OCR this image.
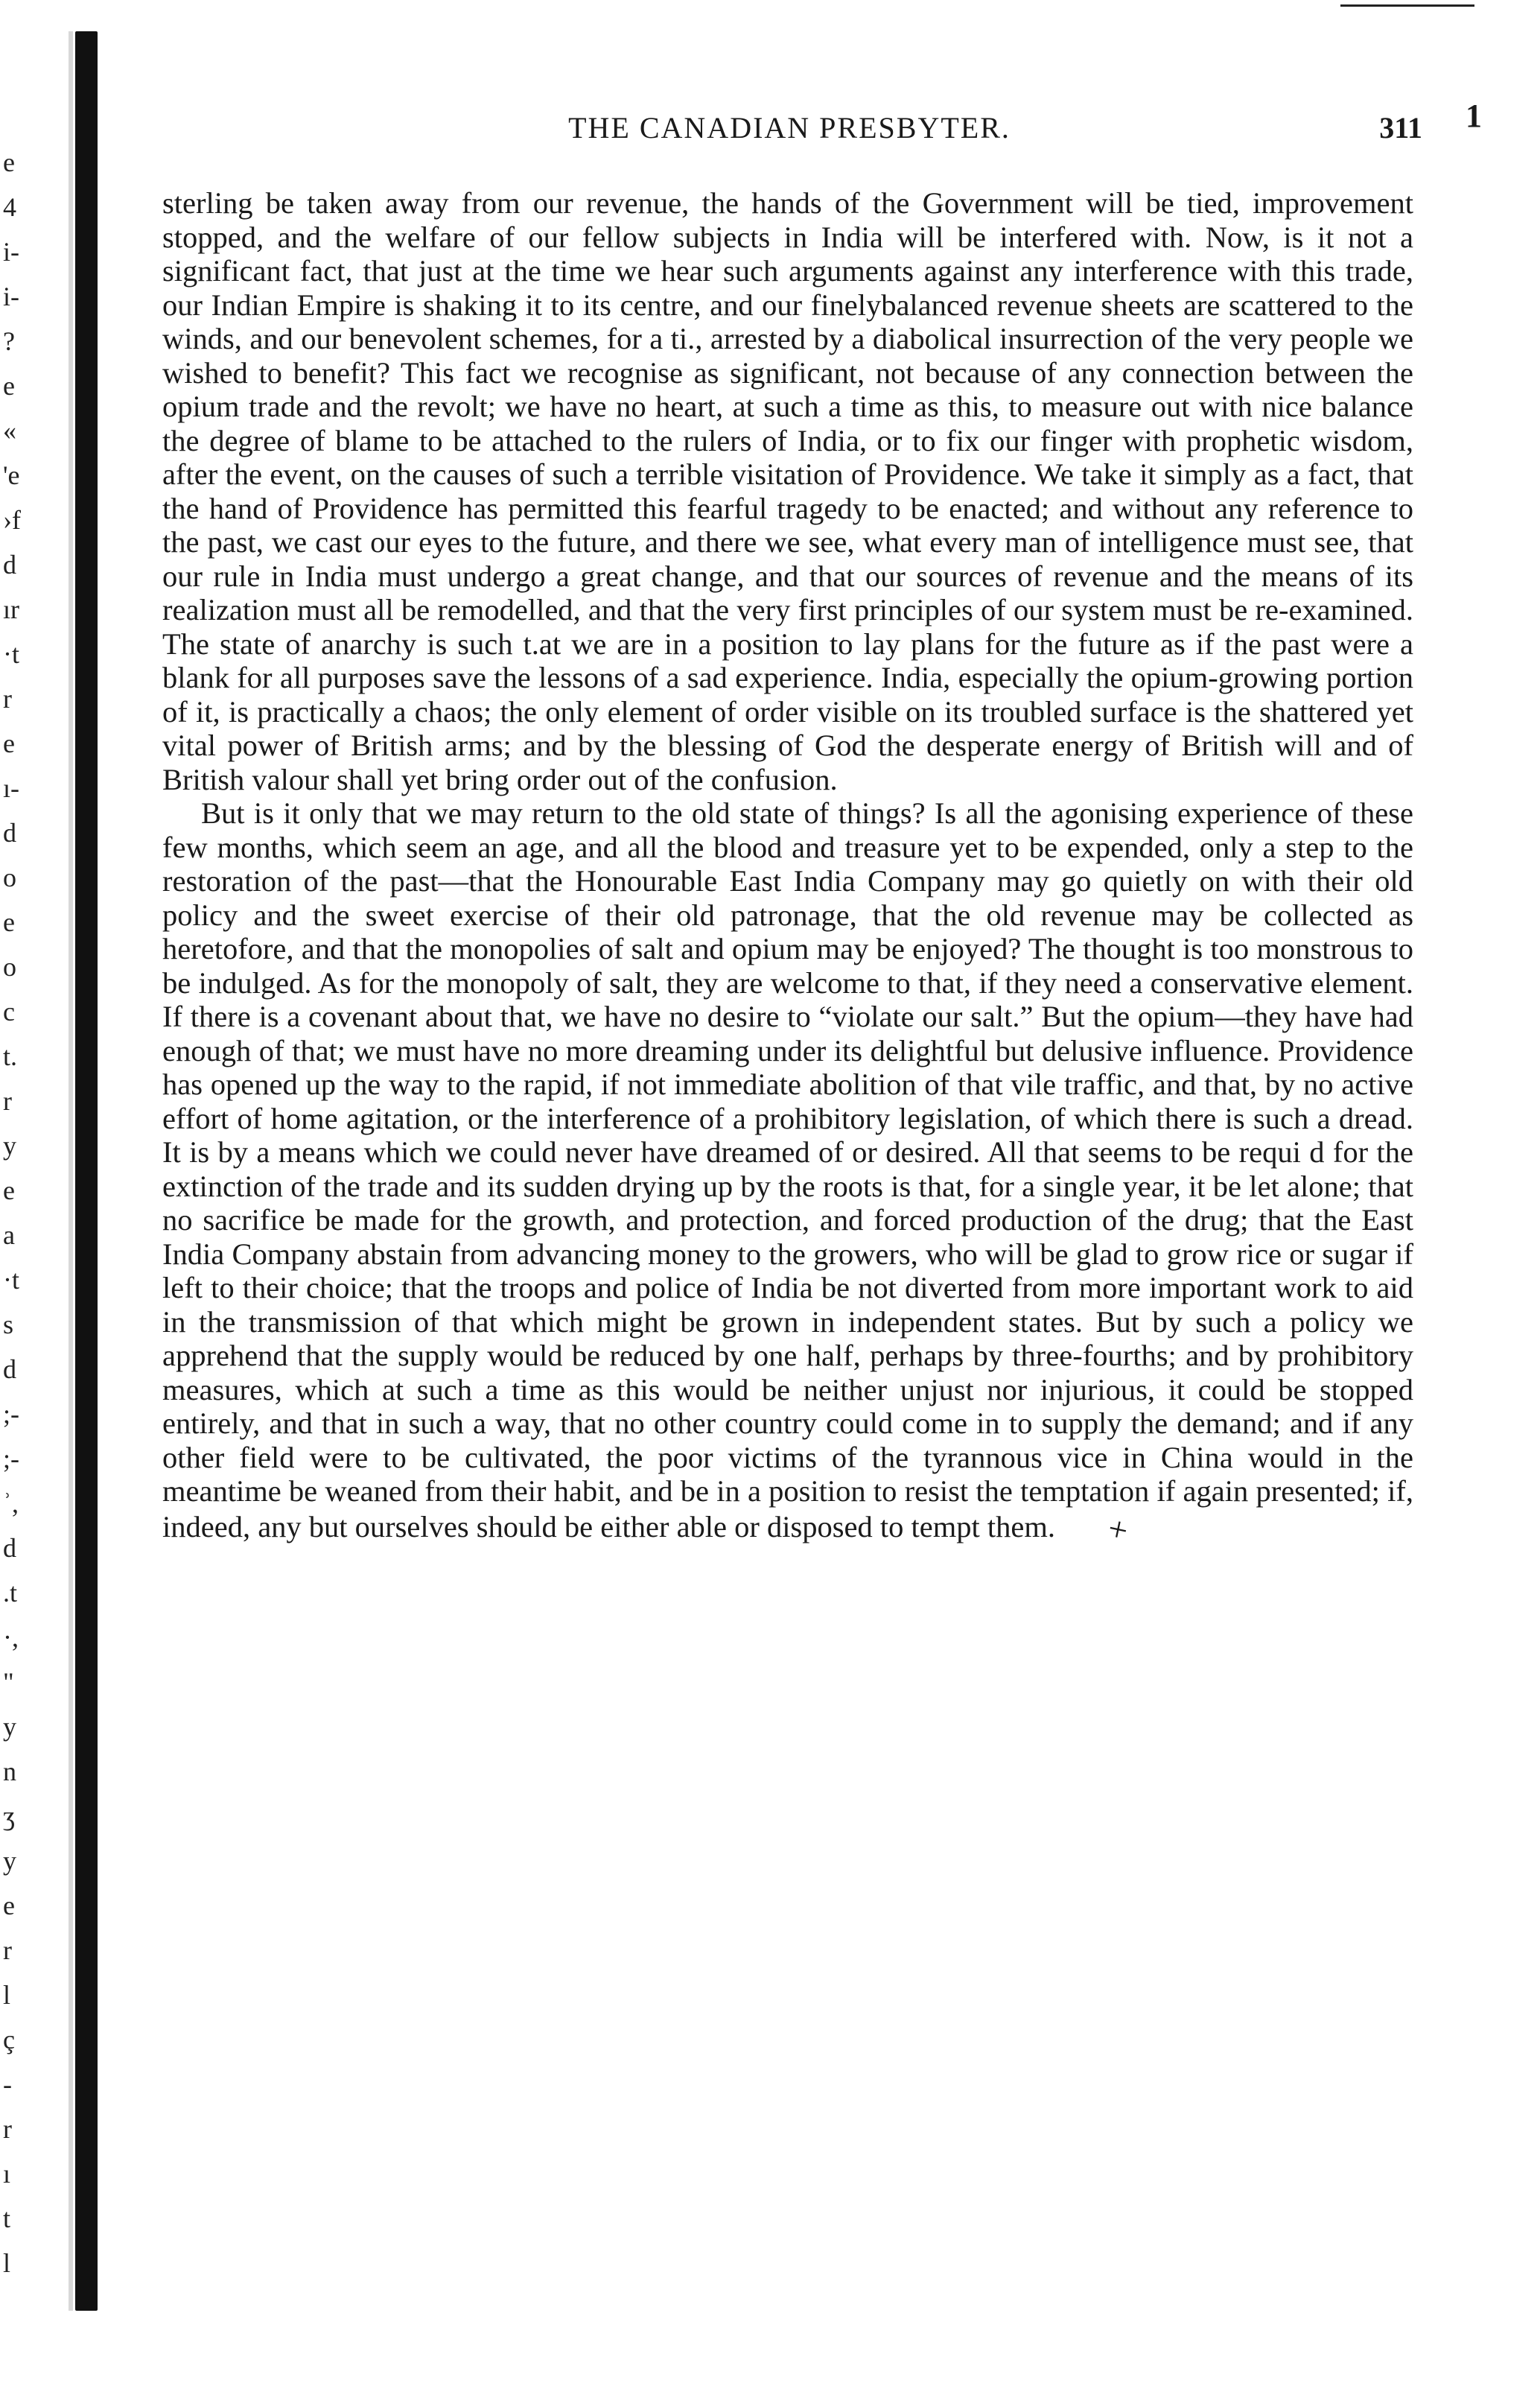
e
4
i-
i-
?
e
«
'e
›f
d
ır
·t
r
e
ı-
d
o
e
o
c
t.
r
y
e
a
·t
s
d
;-
;-
ʾ,
d
.t
·,
"
y
n
ʒ
y
e
r
l
ç
-
r
ı
t
l
THE CANADIAN PRESBYTER.	311 1

sterling be taken away from our revenue, the hands of the Government will be tied, improvement stopped, and the welfare of our fellow subjects in India will be interfered with. Now, is it not a significant fact, that just at the time we hear such arguments against any interference with this trade, our Indian Empire is shaking it to its centre, and our finelybalanced revenue sheets are scattered to the winds, and our benevolent schemes, for a ti., arrested by a diabolical insurrection of the very people we wished to benefit? This fact we recognise as significant, not because of any connection between the opium trade and the revolt; we have no heart, at such a time as this, to measure out with nice balance the degree of blame to be attached to the rulers of India, or to fix our finger with prophetic wisdom, after the event, on the causes of such a terrible visitation of Providence. We take it simply as a fact, that the hand of Providence has permitted this fearful tragedy to be enacted; and without any reference to the past, we cast our eyes to the future, and there we see, what every man of intelligence must see, that our rule in India must undergo a great change, and that our sources of revenue and the means of its realization must all be remodelled, and that the very first principles of our system must be re-examined. The state of anarchy is such t.at we are in a position to lay plans for the future as if the past were a blank for all purposes save the lessons of a sad experience. India, especially the opium-growing portion of it, is practically a chaos; the only element of order visible on its troubled surface is the shattered yet vital power of British arms; and by the blessing of God the desperate energy of British will and of British valour shall yet bring order out of the confusion.

But is it only that we may return to the old state of things? Is all the agonising experience of these few months, which seem an age, and all the blood and treasure yet to be expended, only a step to the restoration of the past—that the Honourable East India Company may go quietly on with their old policy and the sweet exercise of their old patronage, that the old revenue may be collected as heretofore, and that the monopolies of salt and opium may be enjoyed? The thought is too monstrous to be indulged. As for the monopoly of salt, they are welcome to that, if they need a conservative element. If there is a covenant about that, we have no desire to “violate our salt.” But the opium—they have had enough of that; we must have no more dreaming under its delightful but delusive influence. Providence has opened up the way to the rapid, if not immediate abolition of that vile traffic, and that, by no active effort of home agitation, or the interference of a prohibitory legislation, of which there is such a dread. It is by a means which we could never have dreamed of or desired. All that seems to be requi d for the extinction of the trade and its sudden drying up by the roots is that, for a single year, it be let alone; that no sacrifice be made for the growth, and protection, and forced production of the drug; that the East India Company abstain from advancing money to the growers, who will be glad to grow rice or sugar if left to their choice; that the troops and police of India be not diverted from more important work to aid in the transmission of that which might be grown in independent states. But by such a policy we apprehend that the supply would be reduced by one half, perhaps by three-fourths; and by prohibitory measures, which at such a time as this would be neither unjust nor injurious, it could be stopped entirely, and that in such a way, that no other country could come in to supply the demand; and if any other field were to be cultivated, the poor victims of the tyrannous vice in China would in the meantime be weaned from their habit, and be in a position to resist the temptation if again presented; if, indeed, any but ourselves should be either able or disposed to tempt them. +
